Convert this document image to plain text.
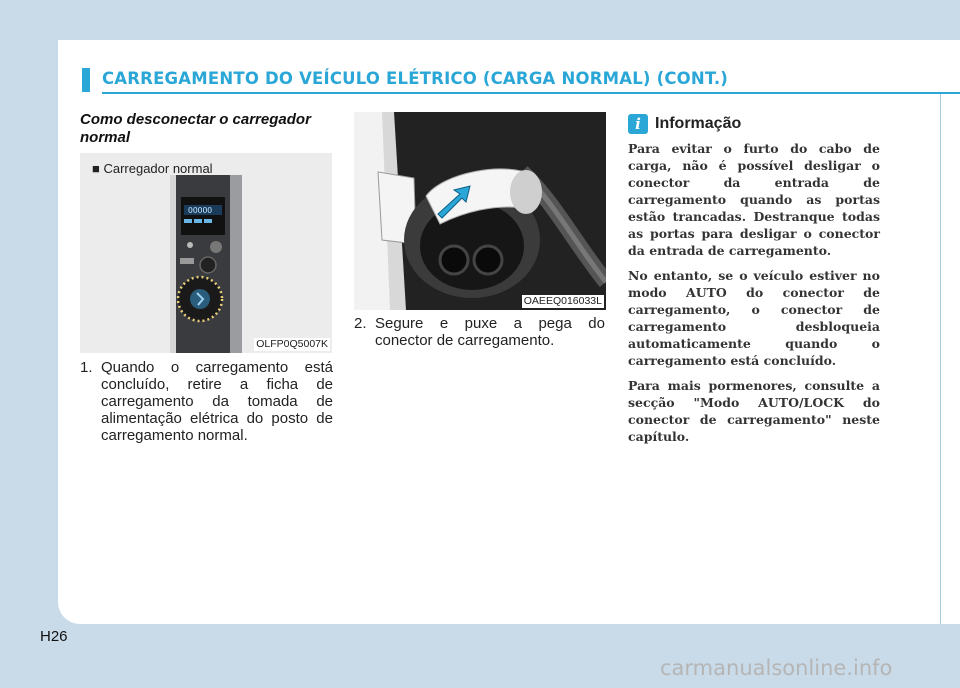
CARREGAMENTO DO VEÍCULO ELÉTRICO (CARGA NORMAL) (CONT.)
Como desconectar o carregador normal
OOOOO
■ Carregador normal
OLFP0Q5007K
OAEEQ016033L
1. Quando o carregamento está concluído, retire a ficha de carregamento da tomada de alimentação elétrica do posto de carregamento normal.
2. Segure e puxe a pega do conector de carregamento.
i Informação

Para evitar o furto do cabo de carga, não é possível desligar o conector da entrada de carregamento quando as portas estão trancadas. Destranque todas as portas para desligar o conector da entrada de carregamento.

No entanto, se o veículo estiver no modo AUTO do conector de carregamento, o conector de carregamento desbloqueia automaticamente quando o carregamento está concluído.

Para mais pormenores, consulte a secção "Modo AUTO/LOCK do conector de carregamento" neste capítulo.

H26
carmanualsonline.info
